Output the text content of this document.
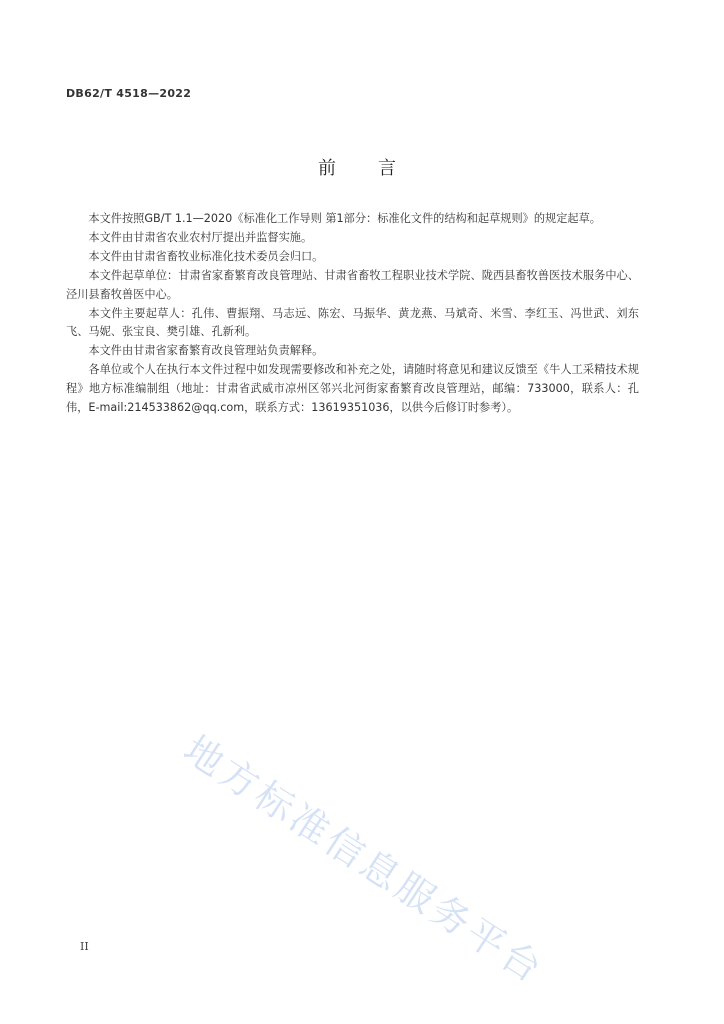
DB62/T 4518—2022
前言

本文件按照GB/T 1.1—2020《标准化工作导则 第1部分：标准化文件的结构和起草规则》的规定起草。

本文件由甘肃省农业农村厅提出并监督实施。

本文件由甘肃省畜牧业标准化技术委员会归口。

本文件起草单位：甘肃省家畜繁育改良管理站、甘肃省畜牧工程职业技术学院、陇西县畜牧兽医技术服务中心、泾川县畜牧兽医中心。

本文件主要起草人：孔伟、曹振翔、马志远、陈宏、马振华、黄龙燕、马斌奇、米雪、李红玉、冯世武、刘东飞、马妮、张宝良、樊引雄、孔新利。

本文件由甘肃省家畜繁育改良管理站负责解释。

各单位或个人在执行本文件过程中如发现需要修改和补充之处，请随时将意见和建议反馈至《牛人工采精技术规程》地方标准编制组（地址：甘肃省武威市凉州区邻兴北河街家畜繁育改良管理站，邮编：733000，联系人：孔伟，E-mail:214533862@qq.com，联系方式：13619351036，以供今后修订时参考）。

地方标准信息服务平台
II
